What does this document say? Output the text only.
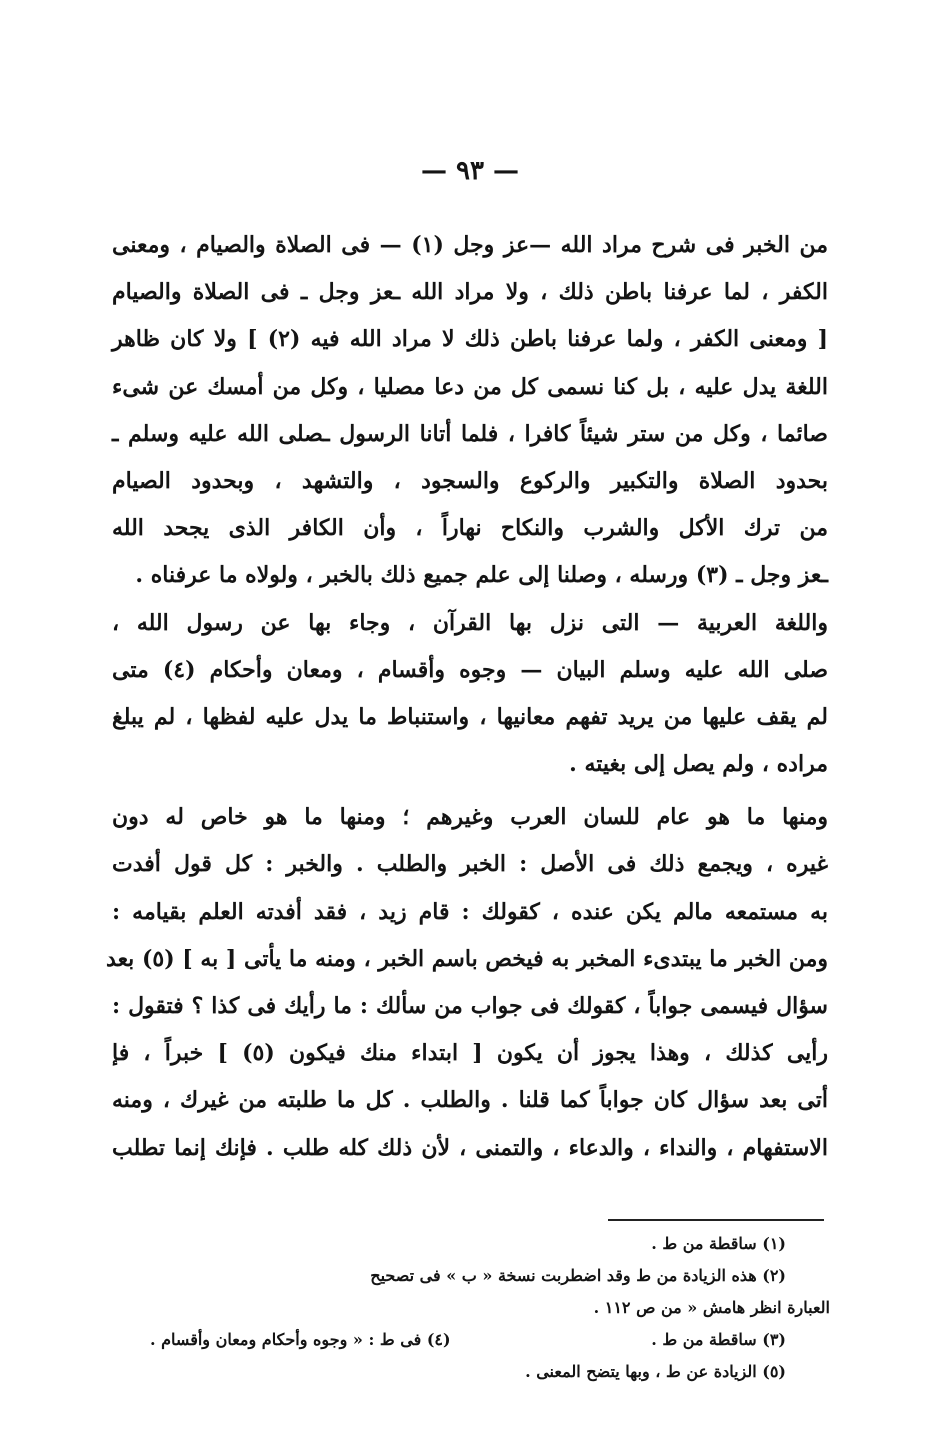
— ٩٣ —
من الخبر فى شرح مراد الله —عز وجل (١) — فى الصلاة والصيام ، ومعنى
الكفر ، لما عرفنا باطن ذلك ، ولا مراد الله ـعز وجل ـ فى الصلاة والصيام
[ ومعنى الكفر ، ولما عرفنا باطن ذلك لا مراد الله فيه (٢) ] ولا كان ظاهر
اللغة يدل عليه ، بل كنا نسمى كل من دعا مصليا ، وكل من أمسك عن شىء
صائما ، وكل من ستر شيئاً كافرا ، فلما أتانا الرسول ـصلى الله عليه وسلم ـ
بحدود الصلاة والتكبير والركوع والسجود ، والتشهد ، وبحدود الصيام
من ترك الأكل والشرب والنكاح نهاراً ، وأن الكافر الذى يجحد الله
ـعز وجل ـ (٣) ورسله ، وصلنا إلى علم جميع ذلك بالخبر ، ولولاه ما عرفناه .
واللغة العربية — التى نزل بها القرآن ، وجاء بها عن رسول الله ،
صلى الله عليه وسلم البيان — وجوه وأقسام ، ومعان وأحكام (٤) متى
لم يقف عليها من يريد تفهم معانيها ، واستنباط ما يدل عليه لفظها ، لم يبلغ
مراده ، ولم يصل إلى بغيته .
ومنها ما هو عام للسان العرب وغيرهم ؛ ومنها ما هو خاص له دون
غيره ، ويجمع ذلك فى الأصل : الخبر والطلب . والخبر : كل قول أفدت
به مستمعه مالم يكن عنده ، كقولك : قام زيد ، فقد أفدته العلم بقيامه :
ومن الخبر ما يبتدىء المخبر به فيخص باسم الخبر ، ومنه ما يأتى [ به ] (٥) بعد
سؤال فيسمى جواباً ، كقولك فى جواب من سألك : ما رأيك فى كذا ؟ فتقول :
رأيى كذلك ، وهذا يجوز أن يكون [ ابتداء منك فيكون (٥) ] خبراً ، فإ
أتى بعد سؤال كان جواباً كما قلنا . والطلب . كل ما طلبته من غيرك ، ومنه
الاستفهام ، والنداء ، والدعاء ، والتمنى ، لأن ذلك كله طلب . فإنك إنما تطلب
(١) ساقطة من ط .
(٢) هذه الزيادة من ط وقد اضطربت نسخة « ب » فى تصحيح
العبارة انظر هامش « من ص ١١٢ .
(٣) ساقطة من ط .
(٤) فى ط : « وجوه وأحكام ومعان وأقسام .
(٥) الزيادة عن ط ، وبها يتضح المعنى .
